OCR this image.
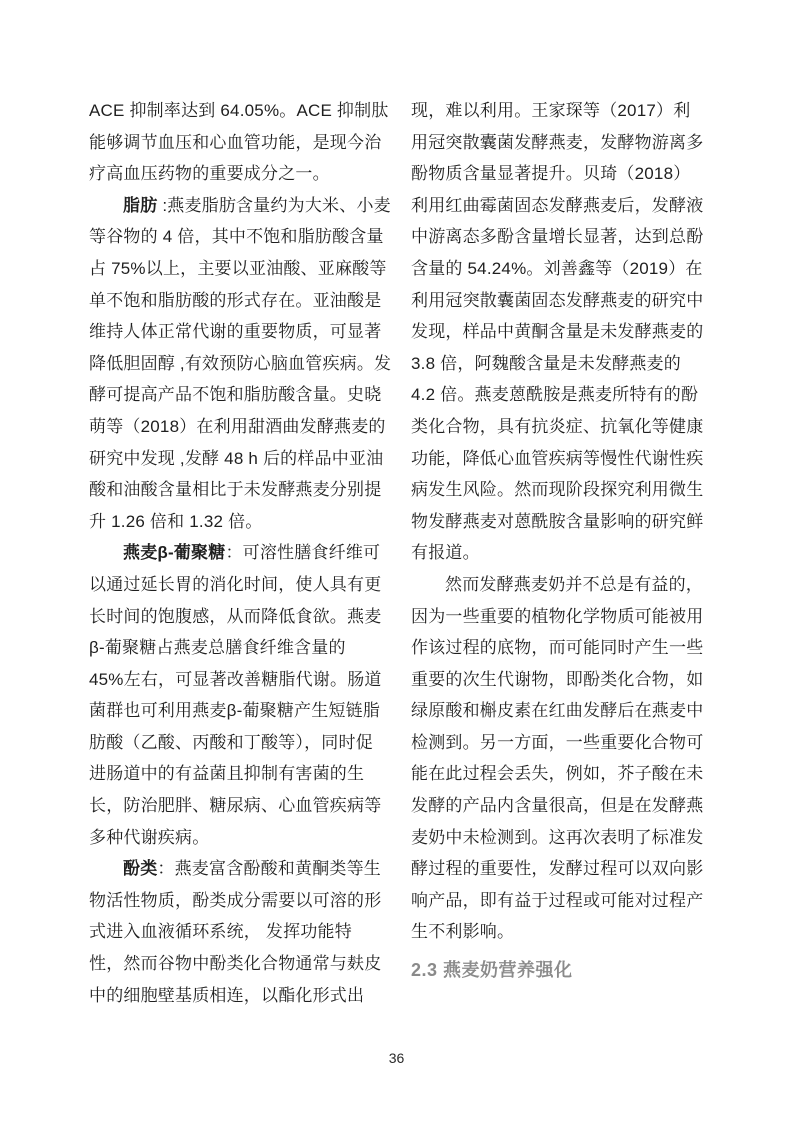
ACE 抑制率达到 64.05%。ACE 抑制肽
能够调节血压和心血管功能，是现今治
疗高血压药物的重要成分之一。
脂肪 :燕麦脂肪含量约为大米、小麦
等谷物的 4 倍，其中不饱和脂肪酸含量
占 75%以上，主要以亚油酸、亚麻酸等
单不饱和脂肪酸的形式存在。亚油酸是
维持人体正常代谢的重要物质，可显著
降低胆固醇 ,有效预防心脑血管疾病。发
酵可提高产品不饱和脂肪酸含量。史晓
萌等（2018）在利用甜酒曲发酵燕麦的
研究中发现 ,发酵 48 h 后的样品中亚油
酸和油酸含量相比于未发酵燕麦分别提
升 1.26 倍和 1.32 倍。
燕麦β-葡聚糖：可溶性膳食纤维可
以通过延长胃的消化时间，使人具有更
长时间的饱腹感，从而降低食欲。燕麦
β-葡聚糖占燕麦总膳食纤维含量的
45%左右，可显著改善糖脂代谢。肠道
菌群也可利用燕麦β-葡聚糖产生短链脂
肪酸（乙酸、丙酸和丁酸等），同时促
进肠道中的有益菌且抑制有害菌的生
长，防治肥胖、糖尿病、心血管疾病等
多种代谢疾病。
酚类：燕麦富含酚酸和黄酮类等生
物活性物质，酚类成分需要以可溶的形
式进入血液循环系统， 发挥功能特
性，然而谷物中酚类化合物通常与麸皮
中的细胞壁基质相连，以酯化形式出
现，难以利用。王家琛等（2017）利
用冠突散囊菌发酵燕麦，发酵物游离多
酚物质含量显著提升。贝琦（2018）
利用红曲霉菌固态发酵燕麦后，发酵液
中游离态多酚含量增长显著，达到总酚
含量的 54.24%。刘善鑫等（2019）在
利用冠突散囊菌固态发酵燕麦的研究中
发现，样品中黄酮含量是未发酵燕麦的
3.8 倍，阿魏酸含量是未发酵燕麦的
4.2 倍。燕麦蒽酰胺是燕麦所特有的酚
类化合物，具有抗炎症、抗氧化等健康
功能，降低心血管疾病等慢性代谢性疾
病发生风险。然而现阶段探究利用微生
物发酵燕麦对蒽酰胺含量影响的研究鲜
有报道。
然而发酵燕麦奶并不总是有益的，
因为一些重要的植物化学物质可能被用
作该过程的底物，而可能同时产生一些
重要的次生代谢物，即酚类化合物，如
绿原酸和槲皮素在红曲发酵后在燕麦中
检测到。另一方面，一些重要化合物可
能在此过程会丢失，例如，芥子酸在未
发酵的产品内含量很高，但是在发酵燕
麦奶中未检测到。这再次表明了标准发
酵过程的重要性，发酵过程可以双向影
响产品，即有益于过程或可能对过程产
生不利影响。
2.3 燕麦奶营养强化
36
